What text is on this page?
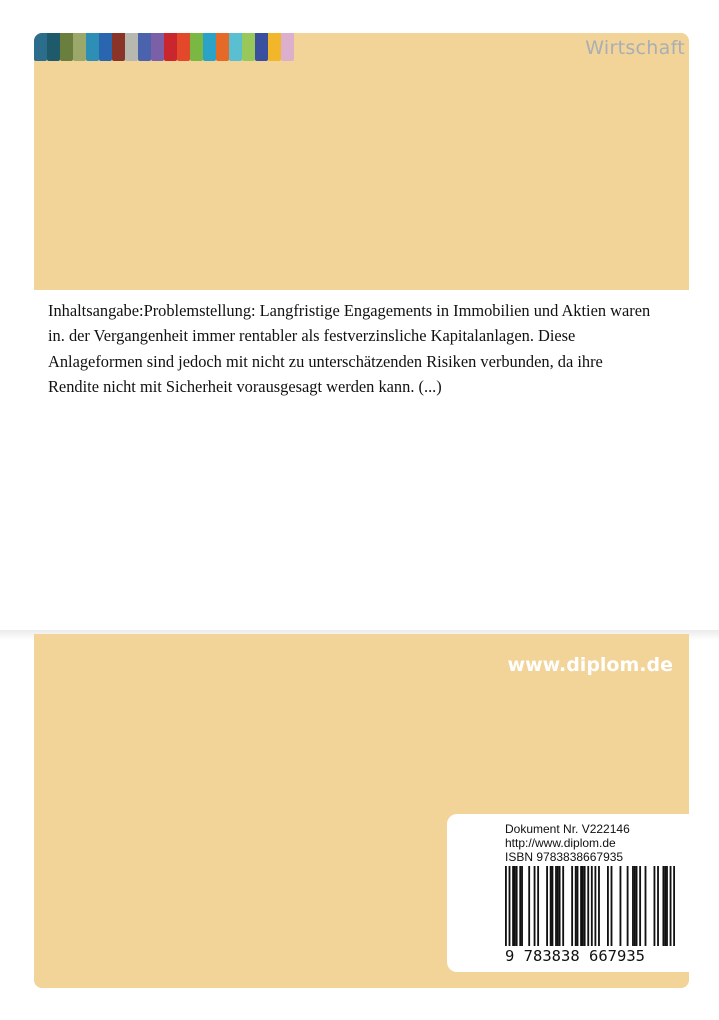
Wirtschaft

Inhaltsangabe:Problemstellung: Langfristige Engagements in Immobilien und Aktien waren

in. der Vergangenheit immer rentabler als festverzinsliche Kapitalanlagen. Diese

Anlageformen sind jedoch mit nicht zu unterschätzenden Risiken verbunden, da ihre

Rendite nicht mit Sicherheit vorausgesagt werden kann. (...)

www.diplom.de
Dokument Nr. V222146
http://www.diplom.de
ISBN 9783838667935
9 783838 667935
